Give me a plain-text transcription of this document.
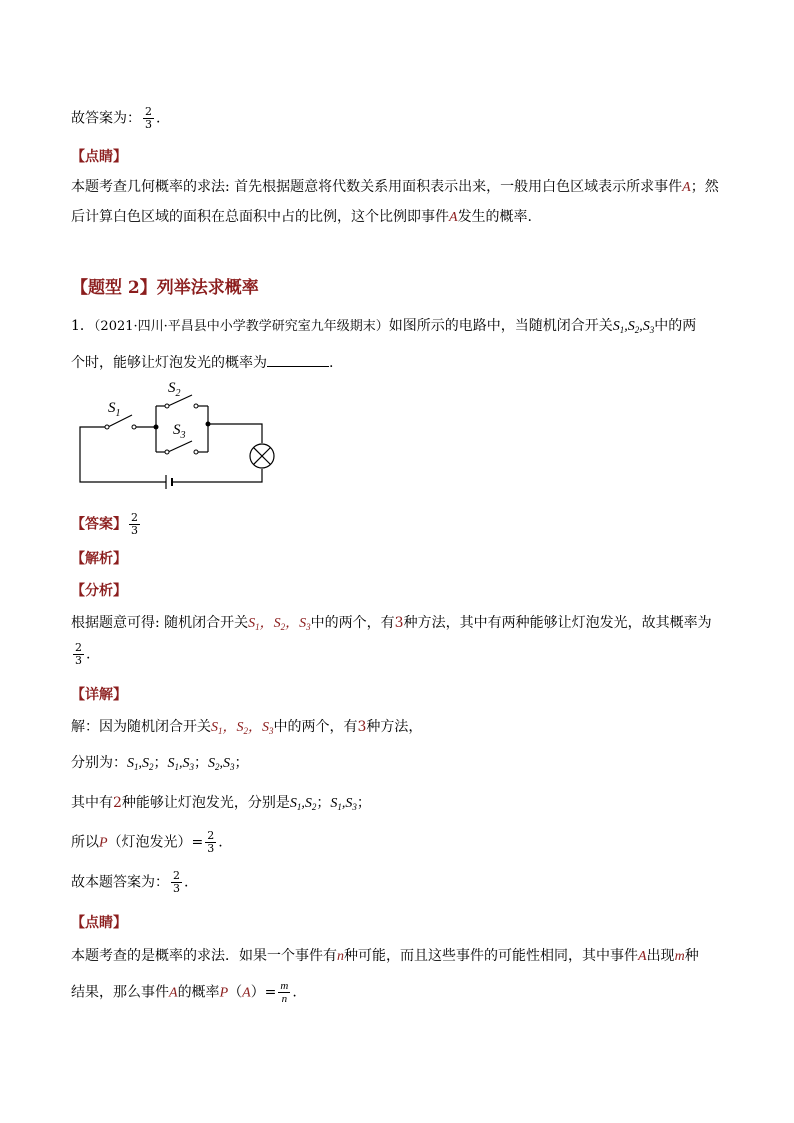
故答案为： $\frac{2}{3}$ .
【点睛】
本题考查几何概率的求法: 首先根据题意将代数关系用面积表示出来，一般用白色区域表示所求事件A；然
后计算白色区域的面积在总面积中占的比例，这个比例即事件A发生的概率.
【题型 2】列举法求概率
1．（2021·四川·平昌县中小学教学研究室九年级期末）如图所示的电路中，当随机闭合开关$S_1,S_2,S_3$中的两
个时，能够让灯泡发光的概率为	.
$S_1$
$S_2$
$S_3$
【答案】 $\frac{2}{3}$
【解析】
【分析】
根据题意可得: 随机闭合开关$S_1$，$S_2$，$S_3$中的两个，有3种方法，其中有两种能够让灯泡发光，故其概率为
$\frac{2}{3}$ .
【详解】
解：因为随机闭合开关$S_1$，$S_2$，$S_3$中的两个，有3种方法，
分别为：$S_1,S_2$；$S_1,S_3$；$S_2,S_3$；
其中有2种能够让灯泡发光，分别是$S_1,S_2$；$S_1,S_3$；
所以P（灯泡发光）= $\frac{2}{3}$ .
故本题答案为： $\frac{2}{3}$ .
【点睛】
本题考查的是概率的求法．如果一个事件有n种可能，而且这些事件的可能性相同，其中事件A出现m种
结果，那么事件A的概率$P(A)= \frac{m}{n}$ .
